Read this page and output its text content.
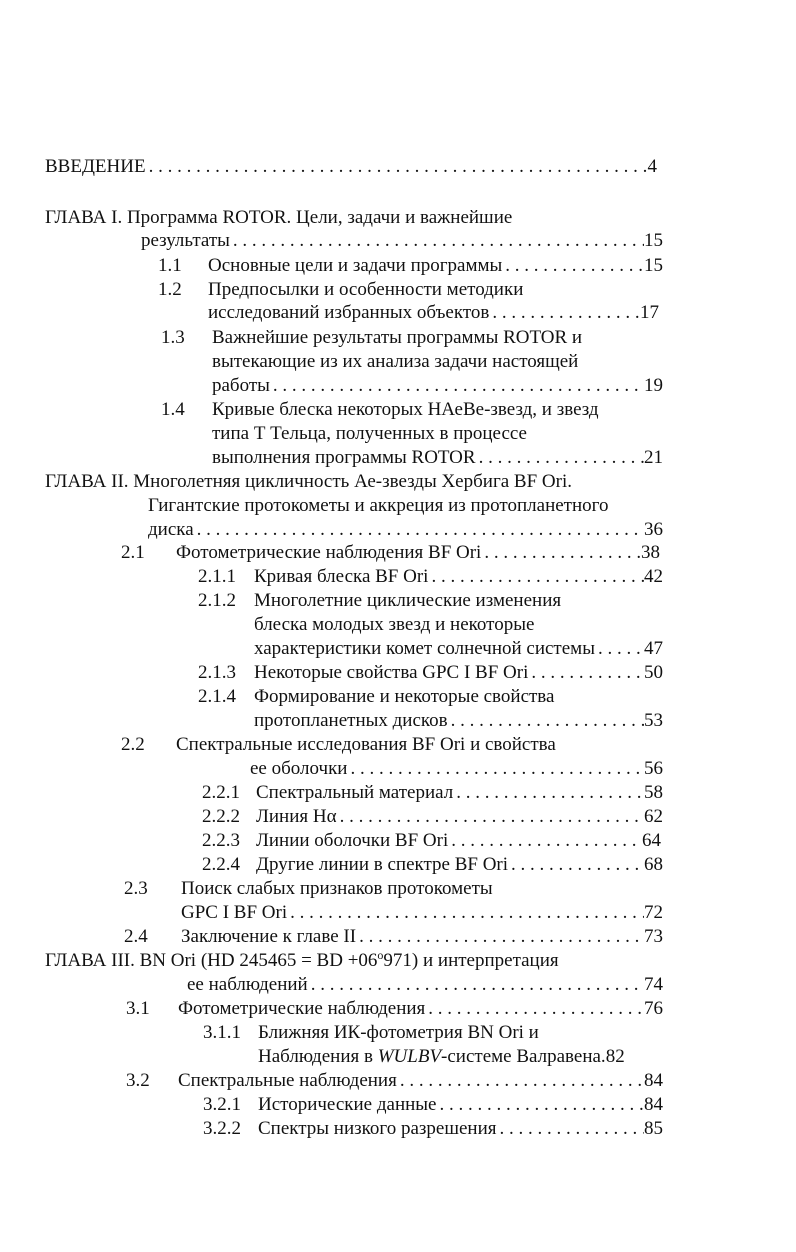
ВВЕДЕНИЕ . . .	4
ГЛАВА I. Программа ROTOR. Цели, задачи и важнейшие
результаты . . .	15
1.1 Основные цели и задачи программы . . .	15
1.2 Предпосылки и особенности методики
исследований избранных объектов . . .	17
1.3 Важнейшие результаты программы ROTOR и
вытекающие из их анализа задачи настоящей
работы . . .	19
1.4 Кривые блеска некоторых НАеВе-звезд, и звезд
типа Т Тельца, полученных в процессе
выполнения программы ROTOR . . .	21
ГЛАВА II. Многолетняя цикличность Ае-звезды Хербига BF Ori.
Гигантские протокометы и аккреция из протопланетного
диска . . .	36
2.1 Фотометрические наблюдения BF Ori . . .	38
2.1.1 Кривая блеска BF Ori . . .	42
2.1.2 Многолетние циклические изменения
блеска молодых звезд и некоторые
характеристики комет солнечной системы . . .	47
2.1.3 Некоторые свойства GPC I BF Ori . . .	50
2.1.4 Формирование и некоторые свойства
протопланетных дисков . . .	53
2.2 Спектральные исследования BF Ori и свойства
ее оболочки . . .	56
2.2.1 Спектральный материал . . .	58
2.2.2 Линия Hα . . .	62
2.2.3 Линии оболочки BF Ori . . .	64
2.2.4 Другие линии в спектре BF Ori . . .	68
2.3 Поиск слабых признаков протокометы
GPC I BF Ori . . .	72
2.4 Заключение к главе II . . .	73
ГЛАВА III. BN Ori (HD 245465 = BD $+06^o971$) и интерпретация
ее наблюдений . . .	74
3.1 Фотометрические наблюдения . . .	76
3.1.1 Ближняя ИК-фотометрия BN Ori и
Наблюдения в WULBV-системе Валравена.82
3.2 Спектральные наблюдения . . .	84
3.2.1 Исторические данные . . .	84
3.2.2 Спектры низкого разрешения . . .	85
